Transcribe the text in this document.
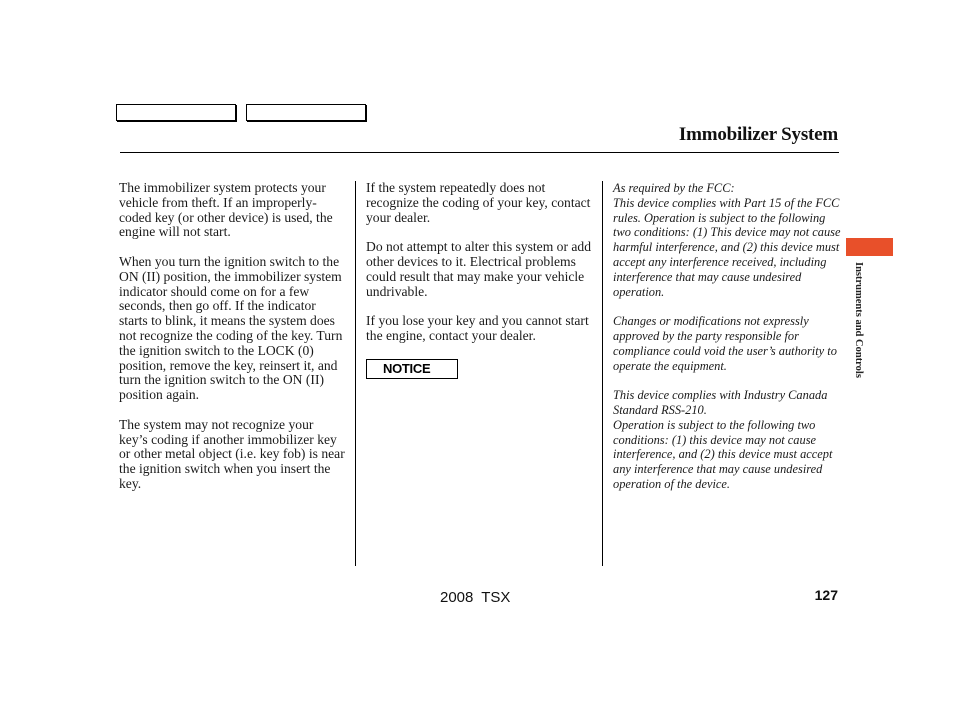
Immobilizer System

The immobilizer system protects your vehicle from theft. If an improperly-coded key (or other device) is used, the engine will not start.

When you turn the ignition switch to the ON (II) position, the immobilizer system indicator should come on for a few seconds, then go off. If the indicator starts to blink, it means the system does not recognize the coding of the key. Turn the ignition switch to the LOCK (0) position, remove the key, reinsert it, and turn the ignition switch to the ON (II) position again.

The system may not recognize your key’s coding if another immobilizer key or other metal object (i.e. key fob) is near the ignition switch when you insert the key.

If the system repeatedly does not recognize the coding of your key, contact your dealer.

Do not attempt to alter this system or add other devices to it. Electrical problems could result that may make your vehicle undrivable.

If you lose your key and you cannot start the engine, contact your dealer.

NOTICE
As required by the FCC:

This device complies with Part 15 of the FCC rules. Operation is subject to the following two conditions: (1) This device may not cause harmful interference, and (2) this device must accept any interference received, including interference that may cause undesired operation.

Changes or modifications not expressly approved by the party responsible for compliance could void the user’s authority to operate the equipment.

This device complies with Industry Canada Standard RSS-210.

Operation is subject to the following two conditions: (1) this device may not cause interference, and (2) this device must accept any interference that may cause undesired operation of the device.

Instruments and Controls
2008 TSX	127
